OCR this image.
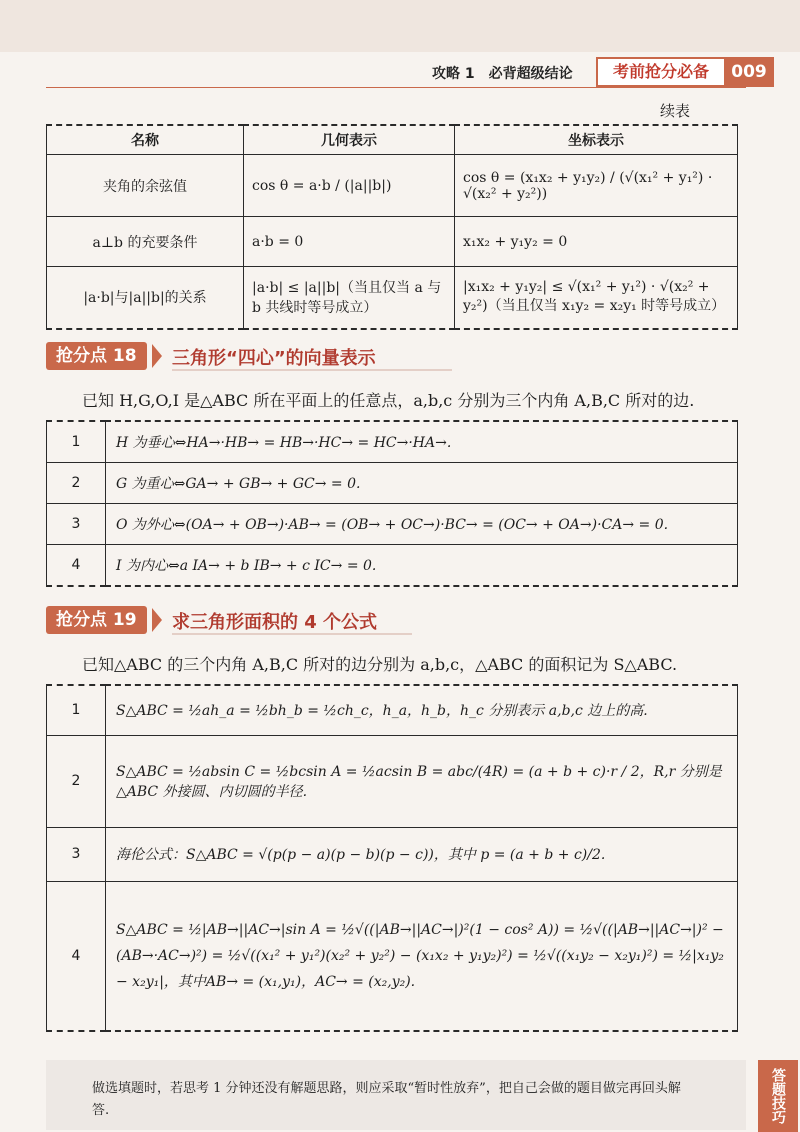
攻略 1　必背超级结论	考前抢分必备	009
续表
名称	几何表示	坐标表示
夹角的余弦值	cos θ = a·b / (|a||b|)	cos θ = (x₁x₂ + y₁y₂) / (√(x₁² + y₁²) · √(x₂² + y₂²))
a⊥b 的充要条件	a·b = 0	x₁x₂ + y₁y₂ = 0
|a·b|与|a||b|的关系	|a·b| ≤ |a||b|（当且仅当 a 与 b 共线时等号成立）	|x₁x₂ + y₁y₂| ≤ √(x₁² + y₁²) · √(x₂² + y₂²)（当且仅当 x₁y₂ = x₂y₁ 时等号成立）
抢分点 18	三角形“四心”的向量表示
已知 H,G,O,I 是△ABC 所在平面上的任意点，a,b,c 分别为三个内角 A,B,C 所对的边.
1	H 为垂心⇔HA→·HB→ = HB→·HC→ = HC→·HA→.
2	G 为重心⇔GA→ + GB→ + GC→ = 0.
3	O 为外心⇔(OA→ + OB→)·AB→ = (OB→ + OC→)·BC→ = (OC→ + OA→)·CA→ = 0.
4	I 为内心⇔a IA→ + b IB→ + c IC→ = 0.
抢分点 19	求三角形面积的 4 个公式
已知△ABC 的三个内角 A,B,C 所对的边分别为 a,b,c，△ABC 的面积记为 S△ABC.
1	S△ABC = ½ah_a = ½bh_b = ½ch_c，h_a，h_b，h_c 分别表示 a,b,c 边上的高.
2	S△ABC = ½absin C = ½bcsin A = ½acsin B = abc/(4R) = (a + b + c)·r / 2，R,r 分别是△ABC 外接圆、内切圆的半径.
3	海伦公式：S△ABC = √(p(p − a)(p − b)(p − c))，其中 p = (a + b + c)/2.
4	S△ABC = ½|AB→||AC→|sin A = ½√((|AB→||AC→|)²(1 − cos² A)) = ½√((|AB→||AC→|)² − (AB→·AC→)²) = ½√((x₁² + y₁²)(x₂² + y₂²) − (x₁x₂ + y₁y₂)²) = ½√((x₁y₂ − x₂y₁)²) = ½|x₁y₂ − x₂y₁|，其中AB→ = (x₁,y₁)，AC→ = (x₂,y₂).
做选填题时，若思考 1 分钟还没有解题思路，则应采取“暂时性放弃”，把自己会做的题目做完再回头解答.	答题技巧
